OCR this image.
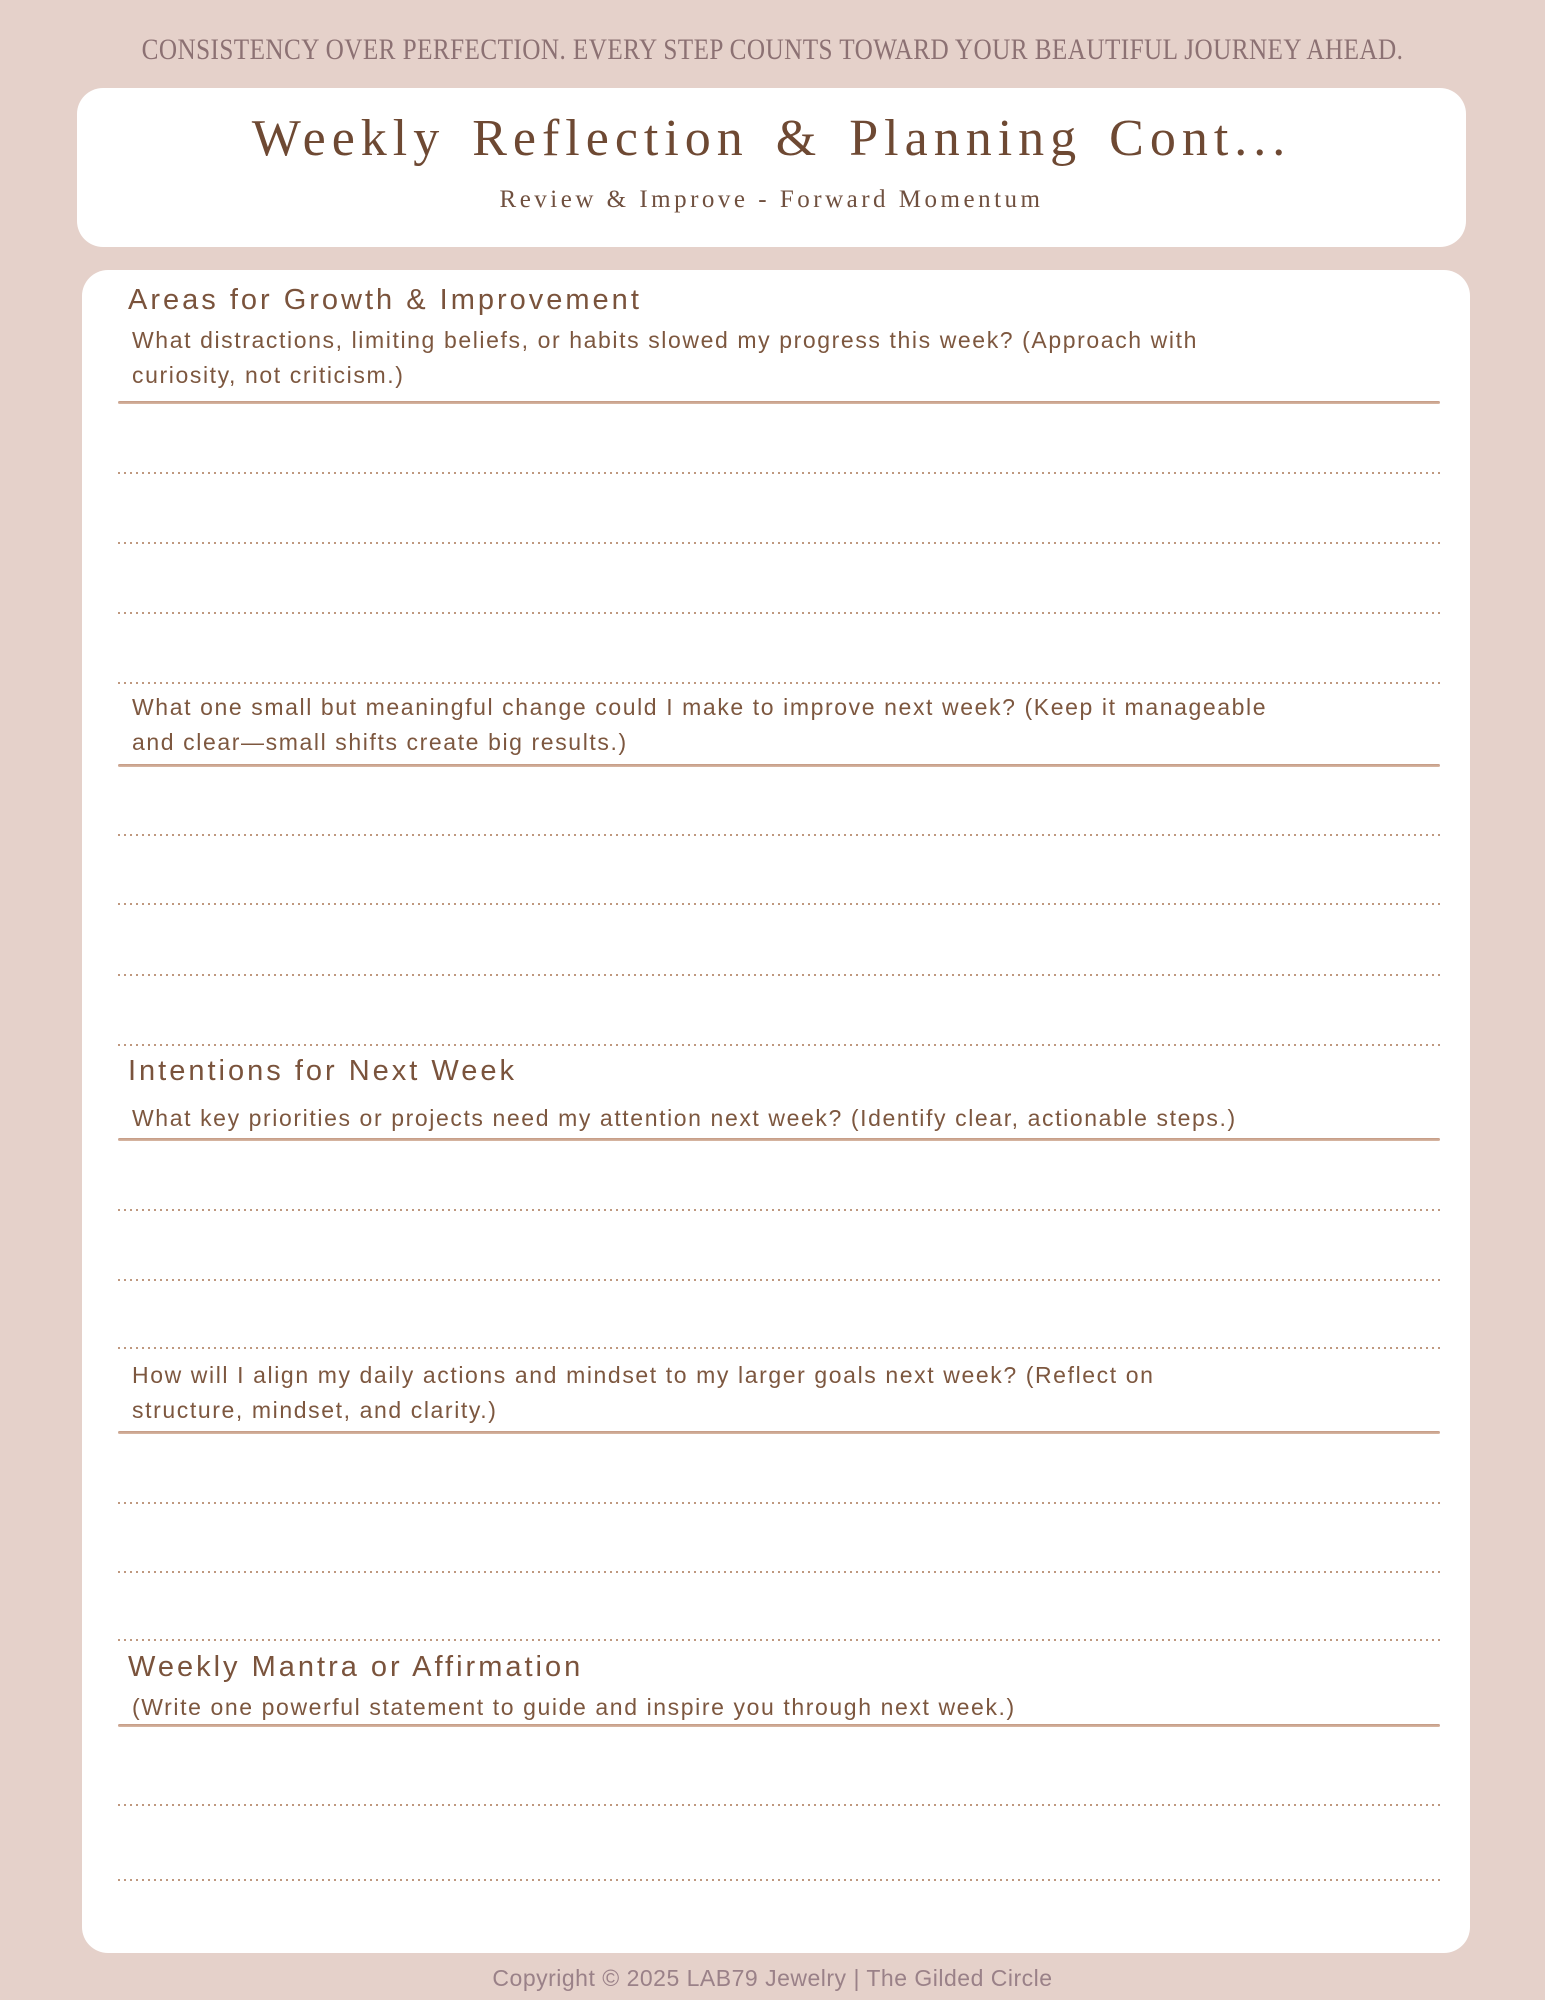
CONSISTENCY OVER PERFECTION. EVERY STEP COUNTS TOWARD YOUR BEAUTIFUL JOURNEY AHEAD.
Weekly Reflection & Planning Cont...
Review & Improve - Forward Momentum
Areas for Growth & Improvement
What distractions, limiting beliefs, or habits slowed my progress this week? (Approach with
curiosity, not criticism.)
What one small but meaningful change could I make to improve next week? (Keep it manageable
and clear—small shifts create big results.)
Intentions for Next Week
What key priorities or projects need my attention next week? (Identify clear, actionable steps.)
How will I align my daily actions and mindset to my larger goals next week? (Reflect on
structure, mindset, and clarity.)
Weekly Mantra or Affirmation
(Write one powerful statement to guide and inspire you through next week.)
Copyright © 2025 LAB79 Jewelry | The Gilded Circle
